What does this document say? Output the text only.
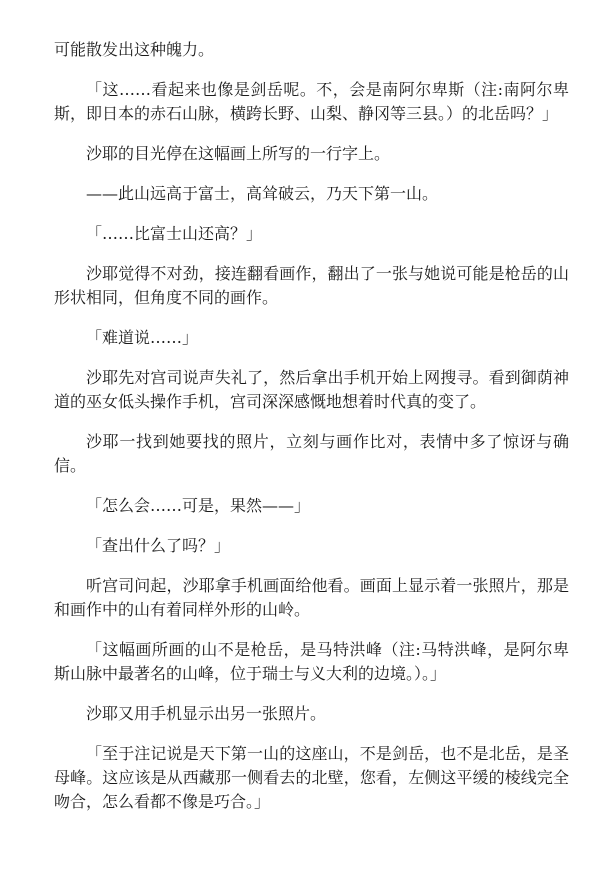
可能散发出这种魄力。

「这……看起来也像是剑岳呢。不，会是南阿尔卑斯（注:南阿尔卑斯，即日本的赤石山脉，横跨长野、山梨、静冈等三县。）的北岳吗？」

沙耶的目光停在这幅画上所写的一行字上。

——此山远高于富士，高耸破云，乃天下第一山。

「……比富士山还高？」

沙耶觉得不对劲，接连翻看画作，翻出了一张与她说可能是枪岳的山形状相同，但角度不同的画作。

「难道说……」

沙耶先对宫司说声失礼了，然后拿出手机开始上网搜寻。看到御荫神道的巫女低头操作手机，宫司深深感慨地想着时代真的变了。

沙耶一找到她要找的照片，立刻与画作比对，表情中多了惊讶与确信。

「怎么会……可是，果然——」

「查出什么了吗？」

听宫司问起，沙耶拿手机画面给他看。画面上显示着一张照片，那是和画作中的山有着同样外形的山岭。

「这幅画所画的山不是枪岳，是马特洪峰（注:马特洪峰，是阿尔卑斯山脉中最著名的山峰，位于瑞士与义大利的边境。）。」

沙耶又用手机显示出另一张照片。

「至于注记说是天下第一山的这座山，不是剑岳，也不是北岳，是圣母峰。这应该是从西藏那一侧看去的北壁，您看，左侧这平缓的棱线完全吻合，怎么看都不像是巧合。」
